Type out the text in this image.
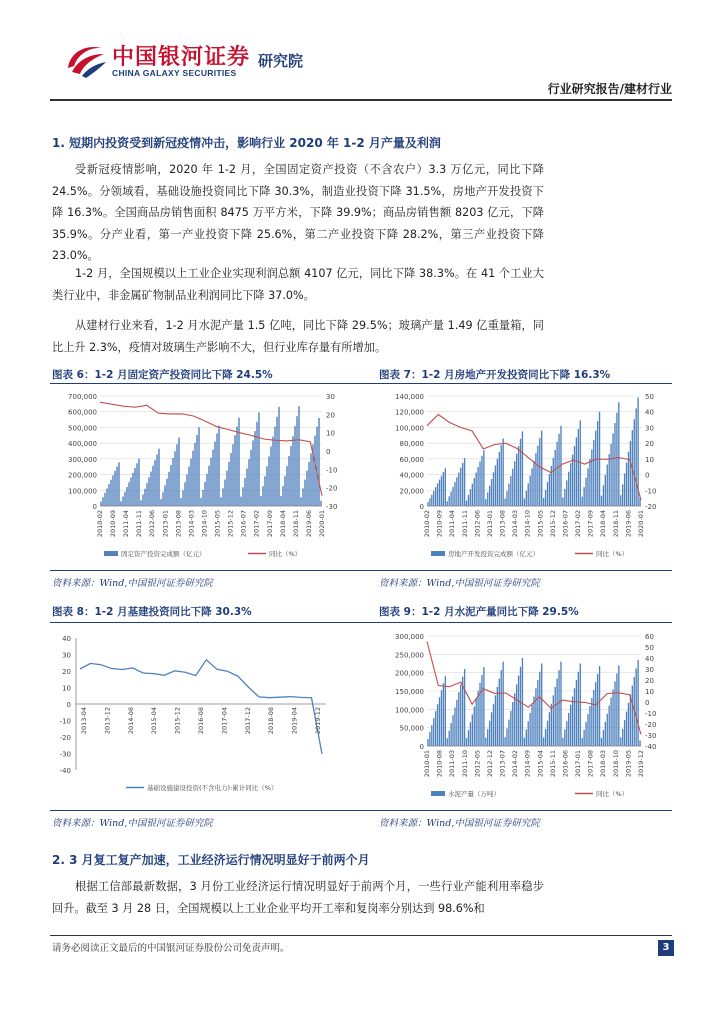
中国银河证券
CHINA GALAXY SECURITIES
研究院
行业研究报告/建材行业
1. 短期内投资受到新冠疫情冲击，影响行业 2020 年 1-2 月产量及利润
受新冠疫情影响，2020 年 1-2 月，全国固定资产投资（不含农户）3.3 万亿元，同比下降 24.5%。分领域看，基础设施投资同比下降 30.3%，制造业投资下降 31.5%，房地产开发投资下降 16.3%。全国商品房销售面积 8475 万平方米，下降 39.9%；商品房销售额 8203 亿元，下降 35.9%。分产业看，第一产业投资下降 25.6%，第二产业投资下降 28.2%，第三产业投资下降 23.0%。
1-2 月，全国规模以上工业企业实现利润总额 4107 亿元，同比下降 38.3%。在 41 个工业大类行业中，非金属矿物制品业利润同比下降 37.0%。
从建材行业来看，1-2 月水泥产量 1.5 亿吨，同比下降 29.5%；玻璃产量 1.49 亿重量箱，同比上升 2.3%，疫情对玻璃生产影响不大，但行业库存量有所增加。
图表 6：1-2 月固定资产投资同比下降 24.5%	图表 7：1-2 月房地产开发投资同比下降 16.3%
0
100,000
200,000
300,000
400,000
500,000
600,000
700,000
-30
-20
-10
0
10
20
30
2010-02 2010-09 2011-04 2011-11 2012-06 2013-01 2013-08 2014-03 2014-10 2015-05 2015-12 2016-07 2017-02 2017-09 2018-04 2018-11 2019-06 2020-01
固定资产投资完成额（亿元）	同比（%）
0
20,000
40,000
60,000
80,000
100,000
120,000
140,000
-20
-10
0
10
20
30
40
50
2010-02 2010-09 2011-04 2011-11 2012-06 2013-01 2013-08 2014-03 2014-10 2015-05 2015-12 2016-07 2017-02 2017-09 2018-04 2018-11 2019-06 2020-01
房地产开发投资完成额（亿元）	同比（%）
资料来源：Wind,中国银河证券研究院	资料来源：Wind,中国银河证券研究院
图表 8：1-2 月基建投资同比下降 30.3%	图表 9：1-2 月水泥产量同比下降 29.5%
-40
-30
-20
-10
0
10
20
30
40
2013-04 2013-12 2014-08 2015-04 2015-12 2016-08 2017-04 2017-12 2018-08 2019-04 2019-12
基础设施建设投资(不含电力):累计同比（%）
0
50,000
100,000
150,000
200,000
250,000
300,000
-40
-30
-20
-10
0
10
20
30
40
50
60
2010-01 2010-08 2011-03 2011-10 2012-05 2012-12 2013-07 2014-02 2014-09 2015-04 2015-11 2016-06 2017-01 2017-08 2018-03 2018-10 2019-05 2019-12
水泥产量（万吨）	同比（%）
资料来源：Wind,中国银河证券研究院	资料来源：Wind,中国银河证券研究院
2. 3 月复工复产加速，工业经济运行情况明显好于前两个月
根据工信部最新数据，3 月份工业经济运行情况明显好于前两个月，一些行业产能利用率稳步回升。截至 3 月 28 日，全国规模以上工业企业平均开工率和复岗率分别达到 98.6%和
请务必阅读正文最后的中国银河证券股份公司免责声明。	3
